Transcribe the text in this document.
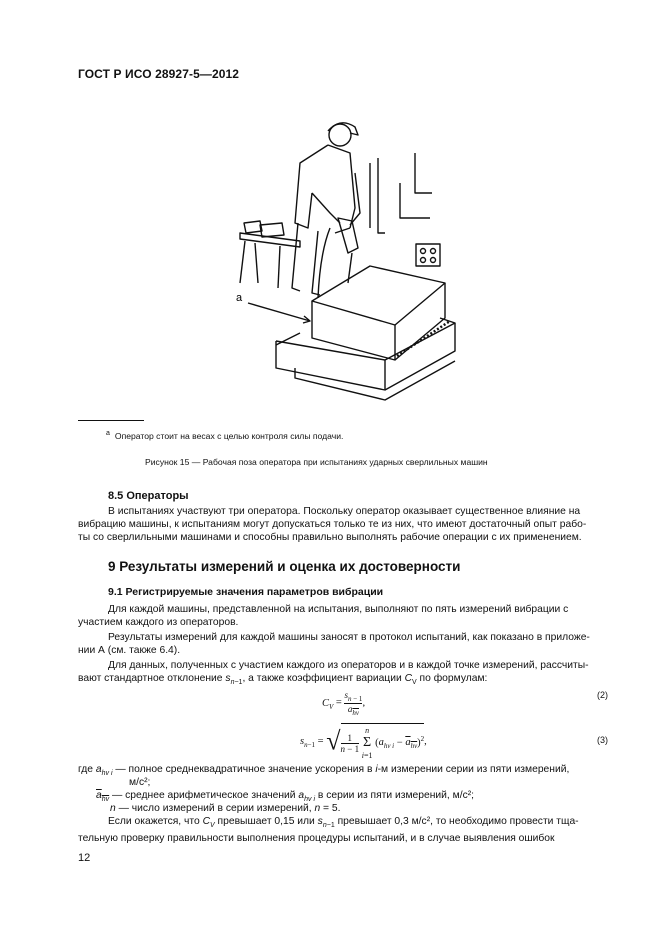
ГОСТ Р ИСО 28927-5—2012
а
$^а$ Оператор стоит на весах с целью контроля силы подачи.
Рисунок 15 — Рабочая поза оператора при испытаниях ударных сверлильных машин
8.5 Операторы
В испытаниях участвуют три оператора. Поскольку оператор оказывает существенное влияние на
вибрацию машины, к испытаниям могут допускаться только те из них, что имеют достаточный опыт рабо-
ты со сверлильными машинами и способны правильно выполнять рабочие операции с их применением.
9 Результаты измерений и оценка их достоверности
9.1 Регистрируемые значения параметров вибрации
Для каждой машины, представленной на испытания, выполняют по пять измерений вибрации с
участием каждого из операторов.
Результаты измерений для каждой машины заносят в протокол испытаний, как показано в приложе-
нии А (см. также 6.4).
Для данных, полученных с участием каждого из операторов и в каждой точке измерений, рассчиты-
вают стандартное отклонение $s_{n-1}$, а также коэффициент вариации $C_V$ по формулам:
$C_V$ =
$s_{n - 1}$
$a_{hv}$
,
(2)
$s_{n-1}$ = √ $\frac{1}{n - 1}$

n
Σ
i=1
$(a_{hv i} - a_{hv})^2$,	(3)
где $a_{hv i}$ — полное среднеквадратичное значение ускорения в i-м измерении серии из пяти измерений,
м/с²;
$a_{hv}$ — среднее арифметическое значений $a_{hv i}$ в серии из пяти измерений, м/с²;
n — число измерений в серии измерений, n = 5.
Если окажется, что $C_V$ превышает 0,15 или $s_{n-1}$ превышает 0,3 м/с², то необходимо провести тща-
тельную проверку правильности выполнения процедуры испытаний, и в случае выявления ошибок
12
